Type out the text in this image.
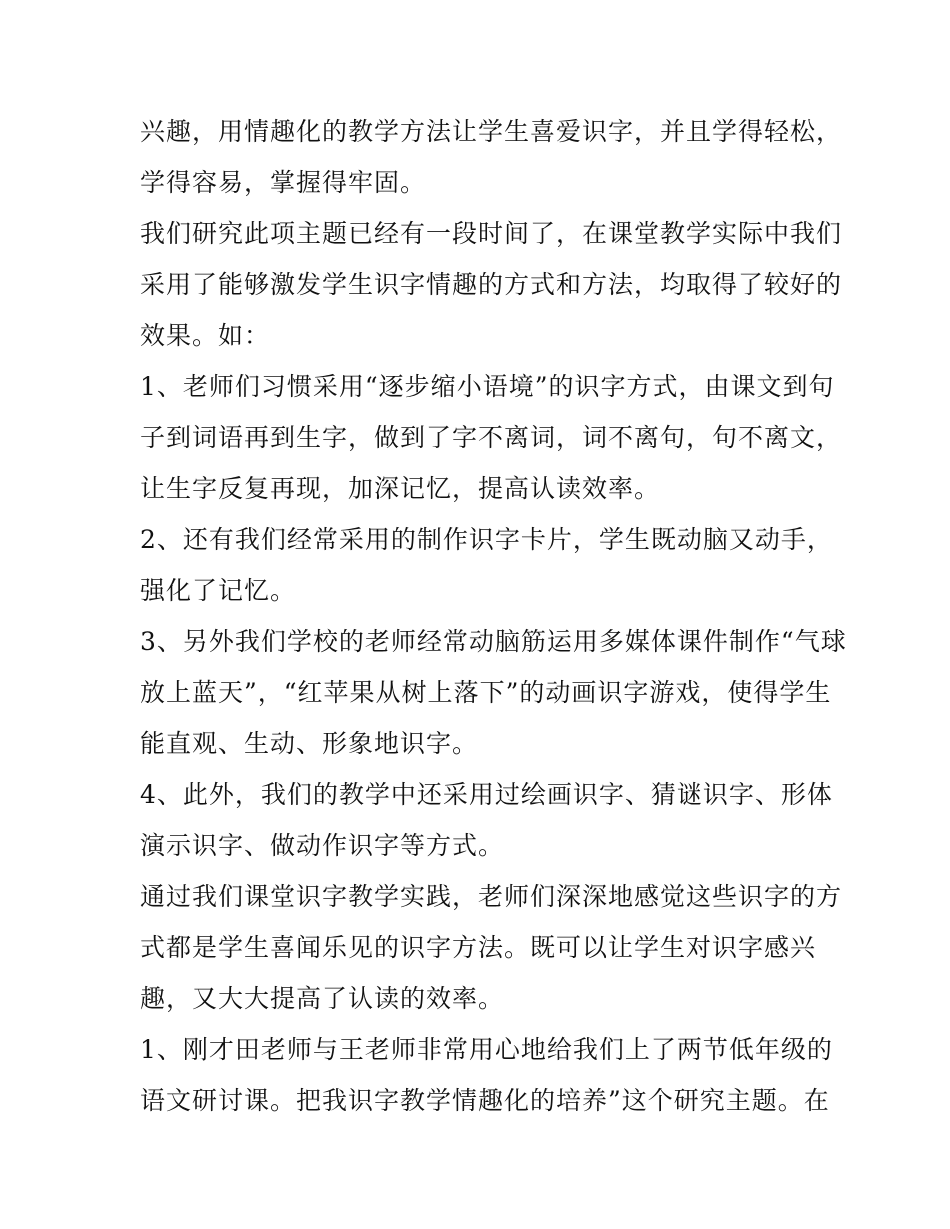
兴趣，用情趣化的教学方法让学生喜爱识字，并且学得轻松，
学得容易，掌握得牢固。
我们研究此项主题已经有一段时间了，在课堂教学实际中我们
采用了能够激发学生识字情趣的方式和方法，均取得了较好的
效果。如：
1、老师们习惯采用“逐步缩小语境”的识字方式，由课文到句
子到词语再到生字，做到了字不离词，词不离句，句不离文，
让生字反复再现，加深记忆，提高认读效率。
2、还有我们经常采用的制作识字卡片，学生既动脑又动手，
强化了记忆。
3、另外我们学校的老师经常动脑筋运用多媒体课件制作“气球
放上蓝天”，“红苹果从树上落下”的动画识字游戏，使得学生
能直观、生动、形象地识字。
4、此外，我们的教学中还采用过绘画识字、猜谜识字、形体
演示识字、做动作识字等方式。
通过我们课堂识字教学实践，老师们深深地感觉这些识字的方
式都是学生喜闻乐见的识字方法。既可以让学生对识字感兴
趣，又大大提高了认读的效率。
1、刚才田老师与王老师非常用心地给我们上了两节低年级的
语文研讨课。把我识字教学情趣化的培养”这个研究主题。在
